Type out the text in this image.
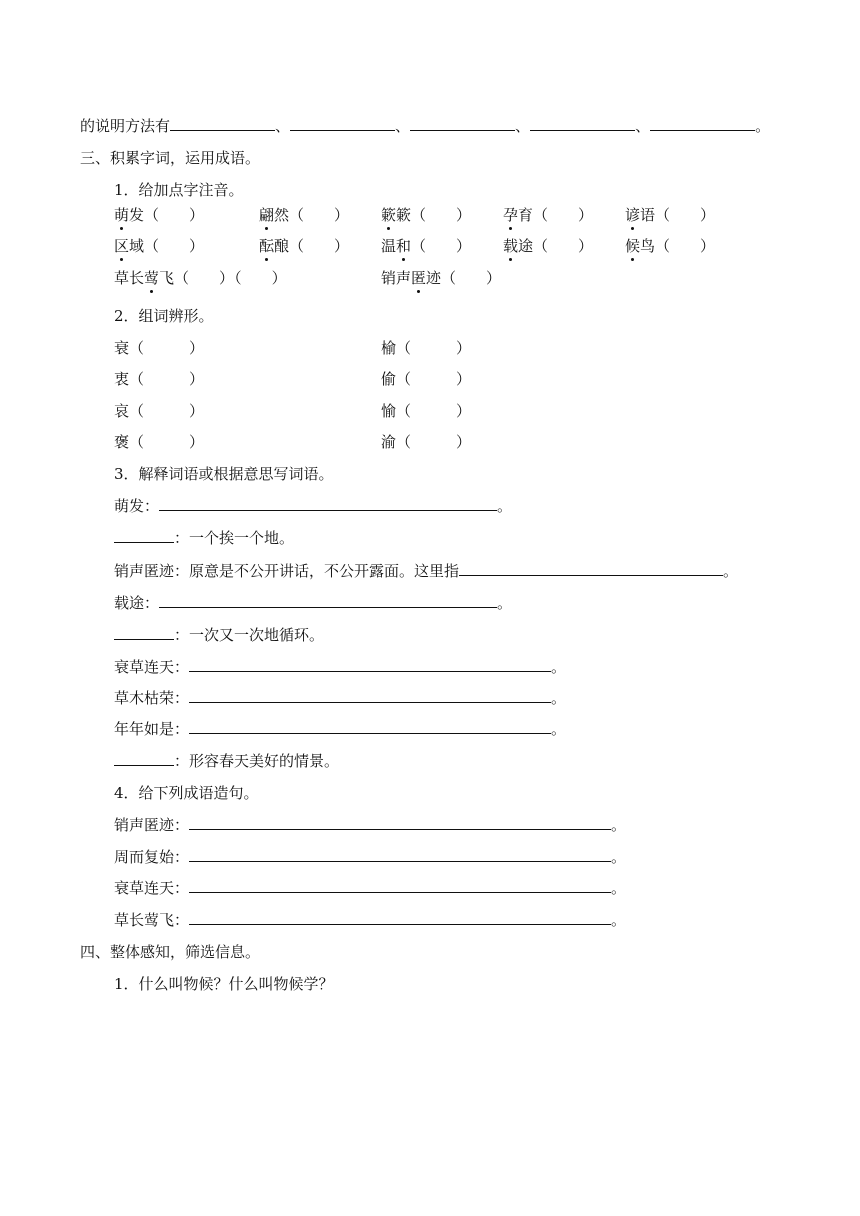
的说明方法有	、	、	、	、	。
三、积累字词，运用成语。
1．给加点字注音。
萌发（　　）	翩然（　　） 簌簌（　　） 孕育（　　） 谚语（　　）
区域（　　）	酝酿（　　） 温和（　　） 载途（　　） 候鸟（　　）
草长莺飞（　　）（　　）	销声匿迹（　　）
2．组词辨形。
衰（　　　）	榆（　　　）
衷（　　　）	偷（　　　）
哀（　　　）	愉（　　　）
褒（　　　）	渝（　　　）
3．解释词语或根据意思写词语。
萌发：	。
：一个挨一个地。
销声匿迹：原意是不公开讲话，不公开露面。这里指	。
载途：	。
：一次又一次地循环。
衰草连天：	。
草木枯荣：	。
年年如是：	。
：形容春天美好的情景。
4．给下列成语造句。
销声匿迹：	。
周而复始：	。
衰草连天：	。
草长莺飞：	。
四、整体感知，筛选信息。
1．什么叫物候？什么叫物候学？
